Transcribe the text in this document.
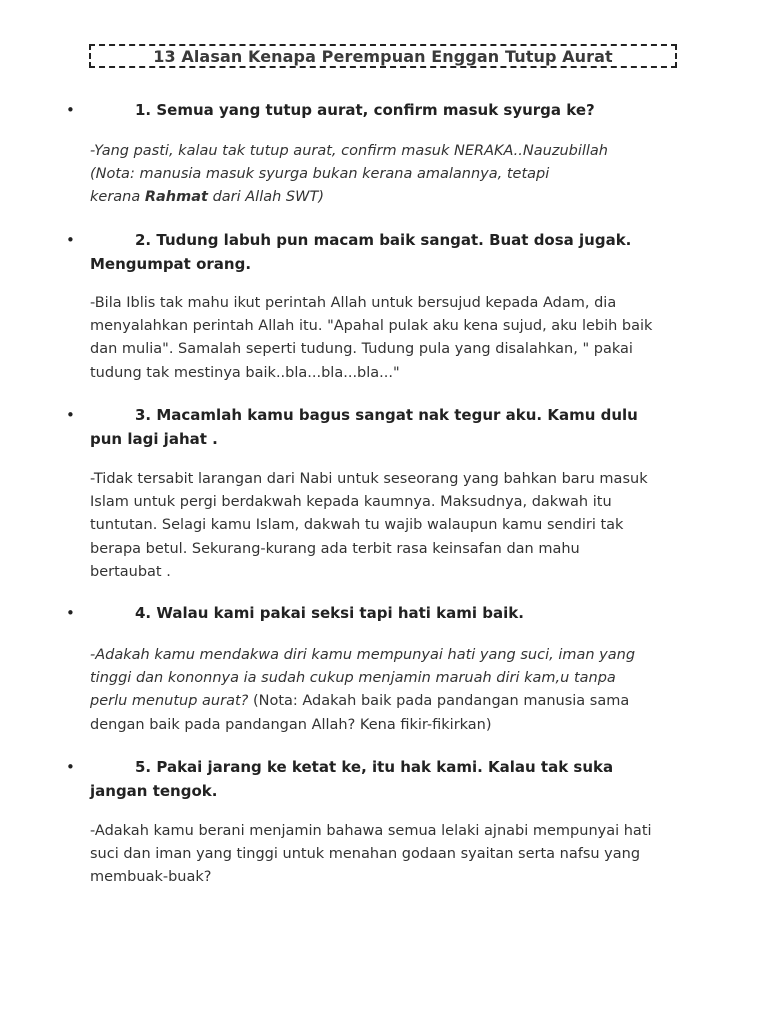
13 Alasan Kenapa Perempuan Enggan Tutup Aurat
•	1. Semua yang tutup aurat, confirm masuk syurga ke?
-Yang pasti, kalau tak tutup aurat, confirm masuk NERAKA..Nauzubillah
(Nota: manusia masuk syurga bukan kerana amalannya, tetapi
kerana Rahmat dari Allah SWT)
•	2. Tudung labuh pun macam baik sangat. Buat dosa jugak.
Mengumpat orang.
-Bila Iblis tak mahu ikut perintah Allah untuk bersujud kepada Adam, dia
menyalahkan perintah Allah itu. "Apahal pulak aku kena sujud, aku lebih baik
dan mulia". Samalah seperti tudung. Tudung pula yang disalahkan, " pakai
tudung tak mestinya baik..bla...bla...bla..."
•	3. Macamlah kamu bagus sangat nak tegur aku. Kamu dulu
pun lagi jahat .
-Tidak tersabit larangan dari Nabi untuk seseorang yang bahkan baru masuk
Islam untuk pergi berdakwah kepada kaumnya. Maksudnya, dakwah itu
tuntutan. Selagi kamu Islam, dakwah tu wajib walaupun kamu sendiri tak
berapa betul. Sekurang-kurang ada terbit rasa keinsafan dan mahu
bertaubat .
•	4. Walau kami pakai seksi tapi hati kami baik.
-Adakah kamu mendakwa diri kamu mempunyai hati yang suci, iman yang
tinggi dan kononnya ia sudah cukup menjamin maruah diri kam,u tanpa
perlu menutup aurat? (Nota: Adakah baik pada pandangan manusia sama
dengan baik pada pandangan Allah? Kena fikir-fikirkan)
•	5. Pakai jarang ke ketat ke, itu hak kami. Kalau tak suka
jangan tengok.
-Adakah kamu berani menjamin bahawa semua lelaki ajnabi mempunyai hati
suci dan iman yang tinggi untuk menahan godaan syaitan serta nafsu yang
membuak-buak?
